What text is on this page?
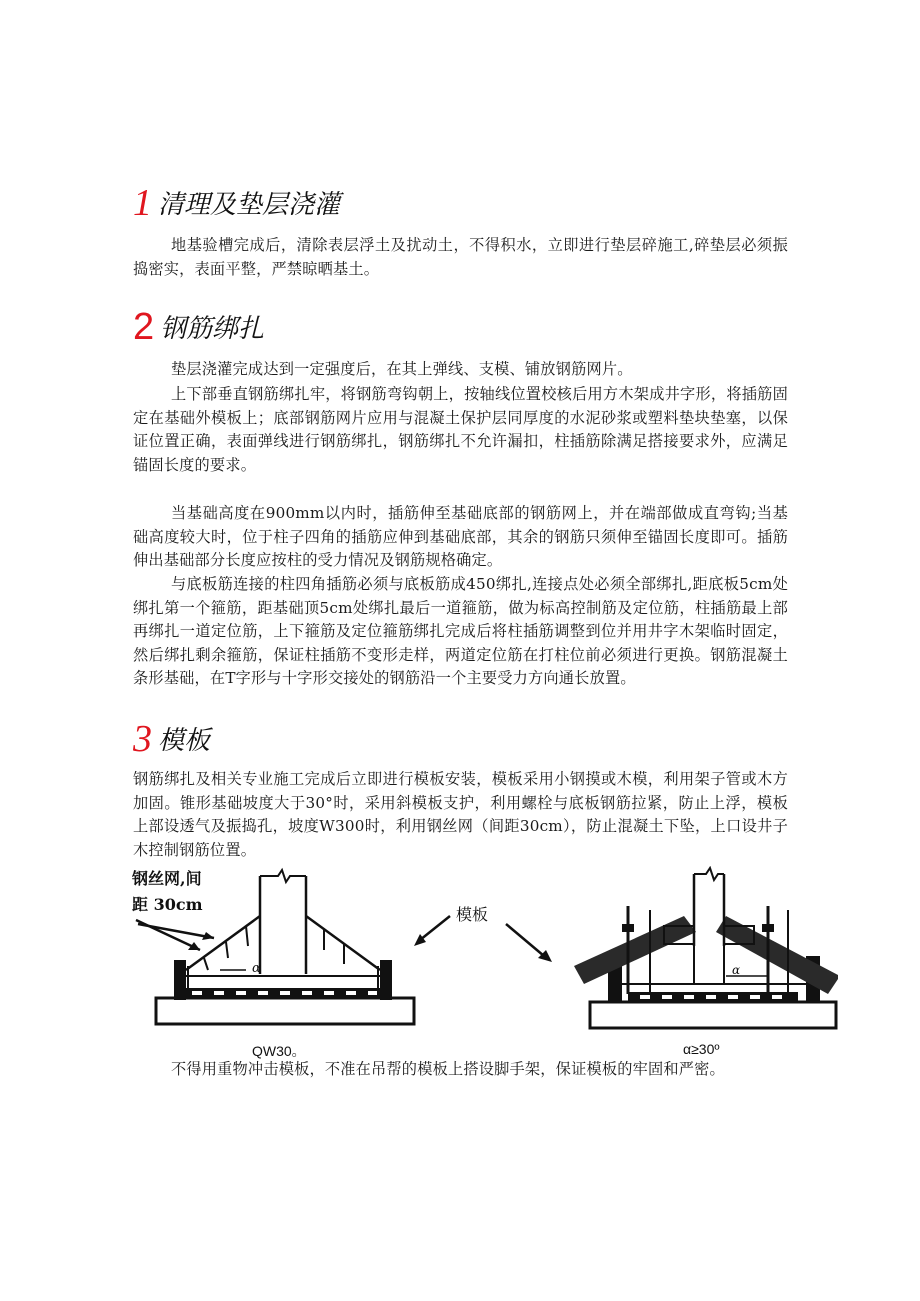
1 清理及垫层浇灌

地基验槽完成后，清除表层浮土及扰动土，不得积水，立即进行垫层碎施工,碎垫层必须振捣密实，表面平整，严禁晾晒基土。

2 钢筋绑扎

垫层浇灌完成达到一定强度后，在其上弹线、支模、铺放钢筋网片。

上下部垂直钢筋绑扎牢，将钢筋弯钩朝上，按轴线位置校核后用方木架成井字形，将插筋固定在基础外模板上；底部钢筋网片应用与混凝土保护层同厚度的水泥砂浆或塑料垫块垫塞，以保证位置正确，表面弹线进行钢筋绑扎，钢筋绑扎不允许漏扣，柱插筋除满足搭接要求外，应满足锚固长度的要求。

当基础高度在900mm以内时，插筋伸至基础底部的钢筋网上，并在端部做成直弯钩;当基础高度较大时，位于柱子四角的插筋应伸到基础底部，其余的钢筋只须伸至锚固长度即可。插筋伸出基础部分长度应按柱的受力情况及钢筋规格确定。

与底板筋连接的柱四角插筋必须与底板筋成450绑扎,连接点处必须全部绑扎,距底板5cm处绑扎第一个箍筋，距基础顶5cm处绑扎最后一道箍筋，做为标高控制筋及定位筋，柱插筋最上部再绑扎一道定位筋，上下箍筋及定位箍筋绑扎完成后将柱插筋调整到位并用井字木架临时固定，然后绑扎剩余箍筋，保证柱插筋不变形走样，两道定位筋在打柱位前必须进行更换。钢筋混凝土条形基础，在T字形与十字形交接处的钢筋沿一个主要受力方向通长放置。

3 模板

钢筋绑扎及相关专业施工完成后立即进行模板安装，模板采用小钢摸或木模，利用架子管或木方加固。锥形基础坡度大于30°时，采用斜模板支护，利用螺栓与底板钢筋拉紧，防止上浮，模板上部设透气及振捣孔，坡度W300时，利用钢丝网（间距30cm），防止混凝土下坠，上口设井子木控制钢筋位置。

α
钢丝网,间
距 30cm
模板
α
QW30。	α≥30º

不得用重物冲击模板，不准在吊帮的模板上搭设脚手架，保证模板的牢固和严密。
